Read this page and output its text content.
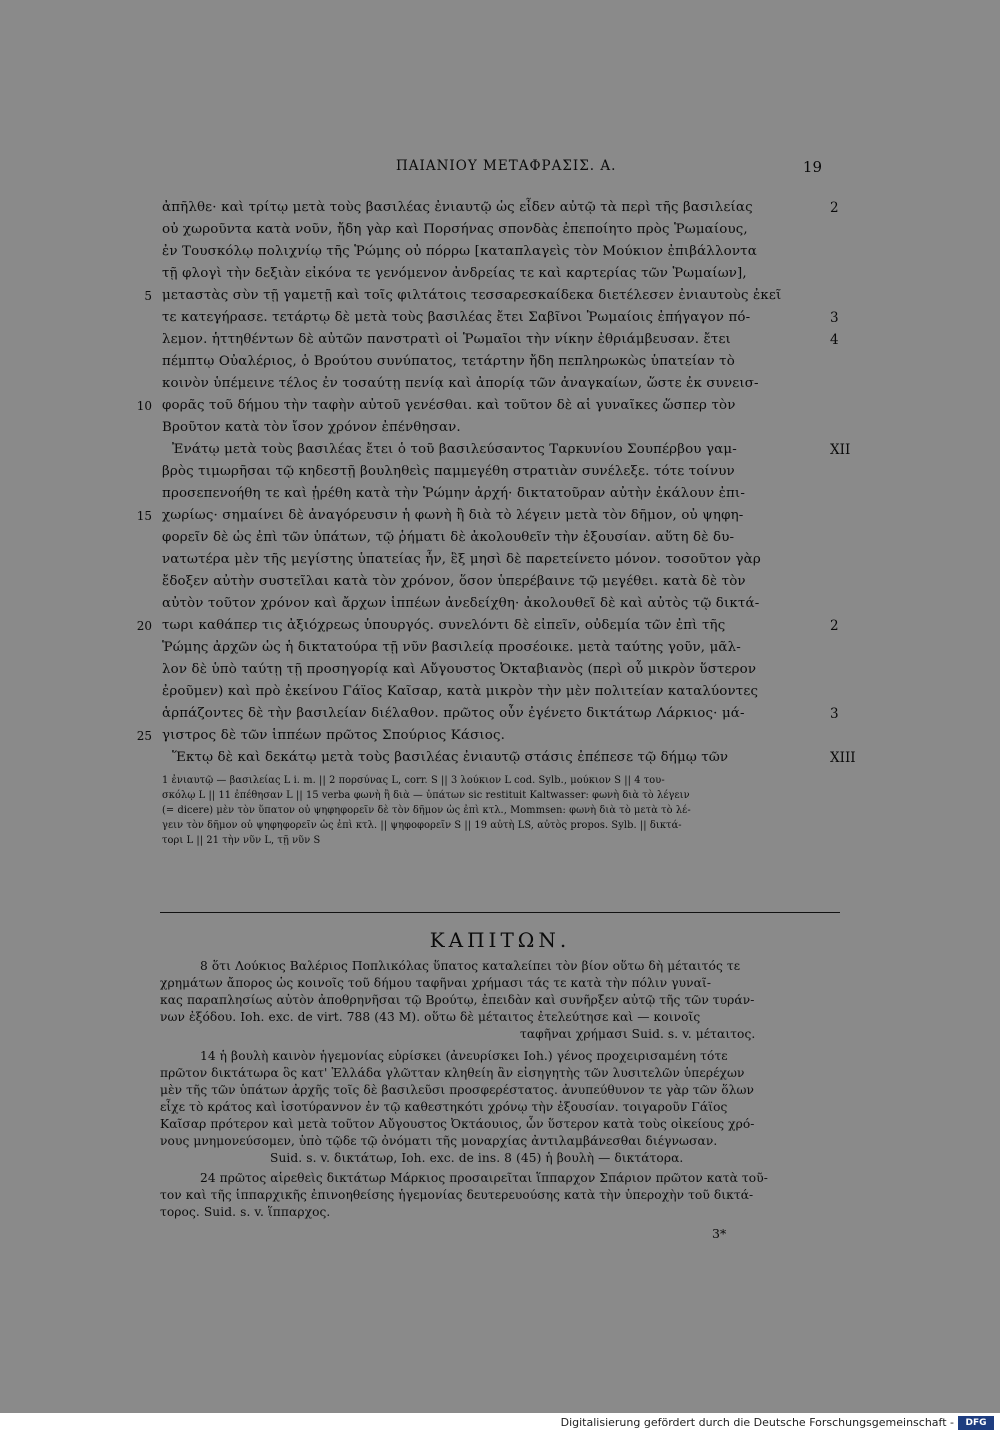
ΠΑΙΑΝΙΟΥ ΜΕΤΑΦΡΑΣΙΣ. Α.	19
ἀπῆλθε· καὶ τρίτῳ μετὰ τοὺς βασιλέας ἐνιαυτῷ ὡς εἶδεν αὐτῷ τὰ περὶ τῆς βασιλείας
οὐ χωροῦντα κατὰ νοῦν, ἤδη γὰρ καὶ Πορσήνας σπονδὰς ἐπεποίητο πρὸς Ῥωμαίους,
ἐν Τουσκόλῳ πολιχνίῳ τῆς Ῥώμης οὐ πόρρω [καταπλαγεὶς τὸν Μούκιον ἐπιβάλλοντα
τῇ φλογὶ τὴν δεξιὰν εἰκόνα τε γενόμενον ἀνδρείας τε καὶ καρτερίας τῶν Ῥωμαίων],
μεταστὰς σὺν τῇ γαμετῇ καὶ τοῖς φιλτάτοις τεσσαρεσκαίδεκα διετέλεσεν ἐνιαυτοὺς ἐκεῖ
τε κατεγήρασε. τετάρτῳ δὲ μετὰ τοὺς βασιλέας ἔτει Σαβῖνοι Ῥωμαίοις ἐπήγαγον πό-
λεμον. ἡττηθέντων δὲ αὐτῶν πανστρατὶ οἱ Ῥωμαῖοι τὴν νίκην ἐθριάμβευσαν. ἔτει
πέμπτῳ Οὐαλέριος, ὁ Βρούτου συνύπατος, τετάρτην ἤδη πεπληρωκὼς ὑπατείαν τὸ
κοινὸν ὑπέμεινε τέλος ἐν τοσαύτῃ πενίᾳ καὶ ἀπορίᾳ τῶν ἀναγκαίων, ὥστε ἐκ συνεισ-
φορᾶς τοῦ δήμου τὴν ταφὴν αὐτοῦ γενέσθαι. καὶ τοῦτον δὲ αἱ γυναῖκες ὥσπερ τὸν
Βροῦτον κατὰ τὸν ἴσον χρόνον ἐπένθησαν.
Ἐνάτῳ μετὰ τοὺς βασιλέας ἔτει ὁ τοῦ βασιλεύσαντος Ταρκυνίου Σουπέρβου γαμ-
βρὸς τιμωρῆσαι τῷ κηδεστῇ βουληθεὶς παμμεγέθη στρατιὰν συνέλεξε. τότε τοίνυν
προσεπενοήθη τε καὶ ᾑρέθη κατὰ τὴν Ῥώμην ἀρχή· δικτατοῦραν αὐτὴν ἐκάλουν ἐπι-
χωρίως· σημαίνει δὲ ἀναγόρευσιν ἡ φωνὴ ἢ διὰ τὸ λέγειν μετὰ τὸν δῆμον, οὐ ψηφη-
φορεῖν δὲ ὡς ἐπὶ τῶν ὑπάτων, τῷ ῥήματι δὲ ἀκολουθεῖν τὴν ἐξουσίαν. αὕτη δὲ δυ-
νατωτέρα μὲν τῆς μεγίστης ὑπατείας ἦν, ἓξ μησὶ δὲ παρετείνετο μόνον. τοσοῦτον γὰρ
ἔδοξεν αὐτὴν συστεῖλαι κατὰ τὸν χρόνον, ὅσον ὑπερέβαινε τῷ μεγέθει. κατὰ δὲ τὸν
αὐτὸν τοῦτον χρόνον καὶ ἄρχων ἱππέων ἀνεδείχθη· ἀκολουθεῖ δὲ καὶ αὐτὸς τῷ δικτά-
τωρι καθάπερ τις ἀξιόχρεως ὑπουργός. συνελόντι δὲ εἰπεῖν, οὐδεμία τῶν ἐπὶ τῆς
Ῥώμης ἀρχῶν ὡς ἡ δικτατούρα τῇ νῦν βασιλείᾳ προσέοικε. μετὰ ταύτης γοῦν, μᾶλ-
λον δὲ ὑπὸ ταύτῃ τῇ προσηγορίᾳ καὶ Αὔγουστος Ὀκταβιανὸς (περὶ οὗ μικρὸν ὕστερον
ἐροῦμεν) καὶ πρὸ ἐκείνου Γάϊος Καῖσαρ, κατὰ μικρὸν τὴν μὲν πολιτείαν καταλύοντες
ἁρπάζοντες δὲ τὴν βασιλείαν διέλαθον. πρῶτος οὖν ἐγένετο δικτάτωρ Λάρκιος· μά-
γιστρος δὲ τῶν ἱππέων πρῶτος Σπούριος Κάσιος.
Ἕκτῳ δὲ καὶ δεκάτῳ μετὰ τοὺς βασιλέας ἐνιαυτῷ στάσις ἐπέπεσε τῷ δήμῳ τῶν
5
10
15
20
25
2
3
4
XII
2
3
XIII
1 ἐνιαυτῷ — βασιλείας L i. m. || 2 πορσύνας L, corr. S || 3 λούκιον L cod. Sylb., μούκιον S || 4 του-
σκόλῳ L || 11 ἐπέθησαν L || 15 verba φωνὴ ἢ διὰ — ὑπάτων sic restituit Kaltwasser: φωνὴ διὰ τὸ λέγειν
(= dicere) μὲν τὸν ὕπατον οὐ ψηφηφορεῖν δὲ τὸν δῆμον ὡς ἐπὶ κτλ., Mommsen: φωνὴ διὰ τὸ μετὰ τὸ λέ-
γειν τὸν δῆμον οὐ ψηφηφορεῖν ὡς ἐπὶ κτλ. || ψηφοφορεῖν S || 19 αὐτὴ LS, αὐτὸς propos. Sylb. || δικτά-
τορι L || 21 τὴν νῦν L, τῇ νῦν S
ΚΑΠΙΤΩΝ.
8 ὅτι Λούκιος Βαλέριος Ποπλικόλας ὕπατος καταλείπει τὸν βίον οὕτω δὴ μέταιτός τε
χρημάτων ἄπορος ὡς κοινοῖς τοῦ δήμου ταφῆναι χρήμασι τάς τε κατὰ τὴν πόλιν γυναῖ-
κας παραπλησίως αὐτὸν ἀποθρηνῆσαι τῷ Βρούτῳ, ἐπειδὰν καὶ συνῆρξεν αὐτῷ τῆς τῶν τυράν-
νων ἐξόδου. Ioh. exc. de virt. 788 (43 M). οὕτω δὲ μέταιτος ἐτελεύτησε καὶ — κοινοῖς
ταφῆναι χρήμασι Suid. s. v. μέταιτος.
14 ἡ βουλὴ καινὸν ἡγεμονίας εὑρίσκει (ἀνευρίσκει Ioh.) γένος προχειρισαμένη τότε
πρῶτον δικτάτωρα ὃς κατ' Ἑλλάδα γλῶτταν κληθείη ἂν εἰσηγητὴς τῶν λυσιτελῶν ὑπερέχων
μὲν τῆς τῶν ὑπάτων ἀρχῆς τοῖς δὲ βασιλεῦσι προσφερέστατος. ἀνυπεύθυνον τε γὰρ τῶν ὅλων
εἶχε τὸ κράτος καὶ ἰσοτύραννον ἐν τῷ καθεστηκότι χρόνῳ τὴν ἐξουσίαν. τοιγαροῦν Γάϊος
Καῖσαρ πρότερον καὶ μετὰ τοῦτον Αὔγουστος Ὀκτάουιος, ὧν ὕστερον κατὰ τοὺς οἰκείους χρό-
νους μνημονεύσομεν, ὑπὸ τῷδε τῷ ὀνόματι τῆς μοναρχίας ἀντιλαμβάνεσθαι διέγνωσαν.
Suid. s. v. δικτάτωρ, Ioh. exc. de ins. 8 (45) ἡ βουλὴ — δικτάτορα.
24 πρῶτος αἱρεθεὶς δικτάτωρ Μάρκιος προσαιρεῖται ἵππαρχον Σπάριον πρῶτον κατὰ τοῦ-
τον καὶ τῆς ἱππαρχικῆς ἐπινοηθείσης ἡγεμονίας δευτερευούσης κατὰ τὴν ὑπεροχὴν τοῦ δικτά-
τορος. Suid. s. v. ἵππαρχος.
3*
Digitalisierung gefördert durch die Deutsche Forschungsgemeinschaft -	DFG
